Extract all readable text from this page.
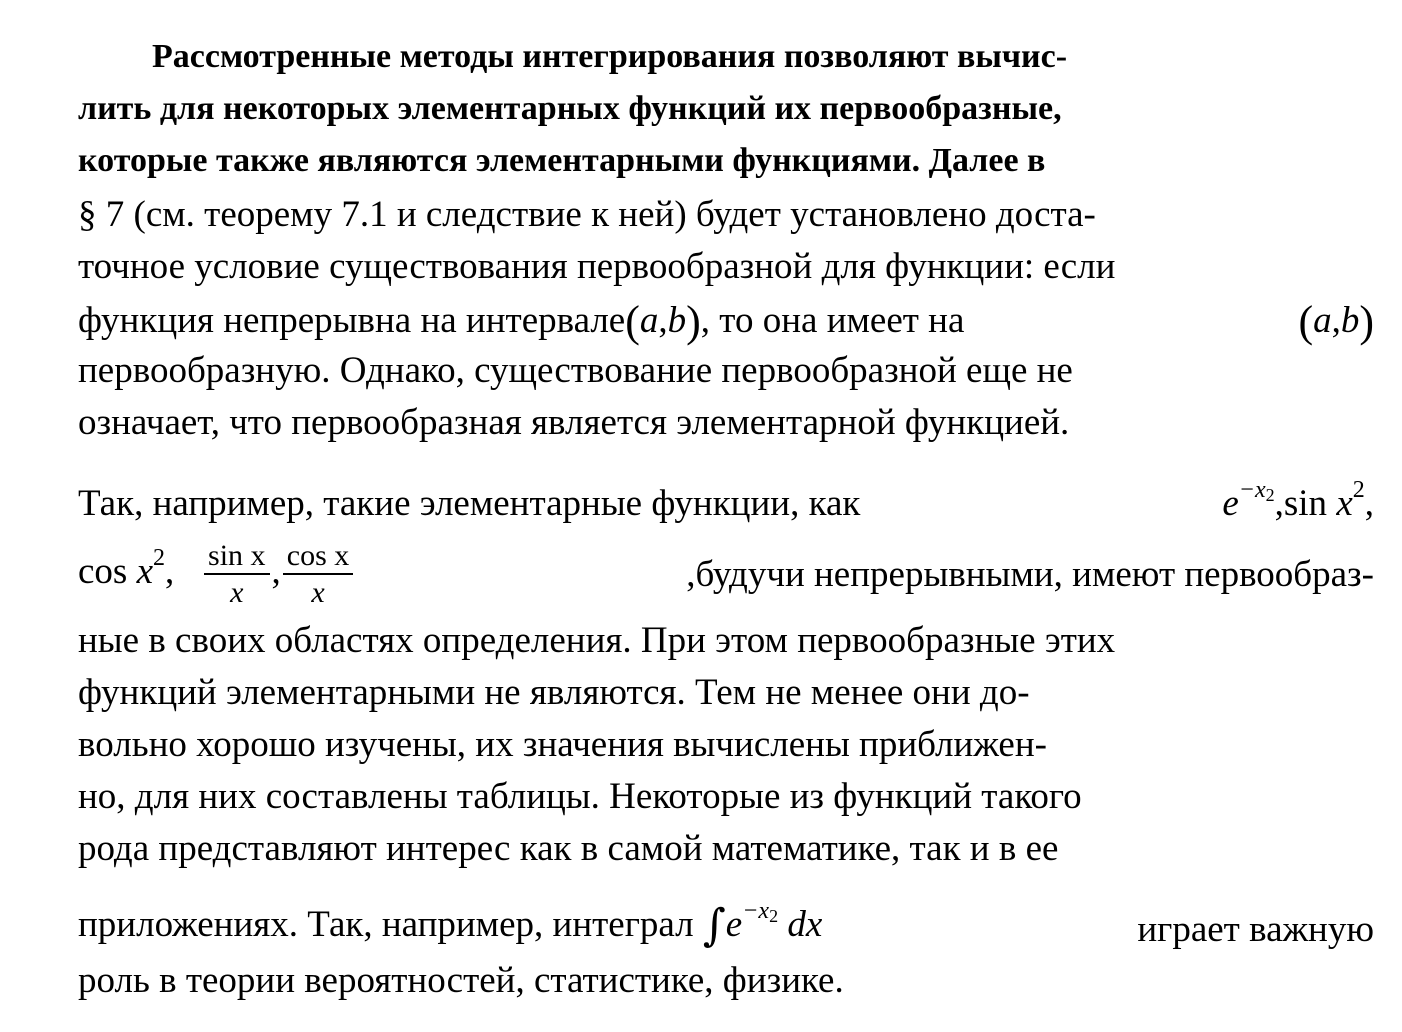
Рассмотренные методы интегрирования позволяют вычис-
лить для некоторых элементарных функций их первообразные,
которые также являются элементарными функциями. Далее в
§ 7 (см. теорему 7.1 и следствие к ней) будет установлено доста-
точное условие существования первообразной для функции: если
функция непрерывна на интервале(a,b), то она имеет на	(a,b)
первообразную. Однако, существование первообразной еще не
означает, что первообразная является элементарной функцией.
Так, например, такие элементарные функции, как	$e^{-x2},\sin$ $x^2$,
$\cos x^2$, $\frac{\text{sin x}}{x}$ , $\frac{\text{cos x}}{x}$	,будучи непрерывными, имеют первообраз-
ные в своих областях определения. При этом первообразные этих
функций элементарными не являются. Тем не менее они до-
вольно хорошо изучены, их значения вычислены приближен-
но, для них составлены таблицы. Некоторые из функций такого
рода представляют интерес как в самой математике, так и в ее
приложениях. Так, например, интеграл $\int e^{-x2}$ dx	играет важную
роль в теории вероятностей, статистике, физике.
